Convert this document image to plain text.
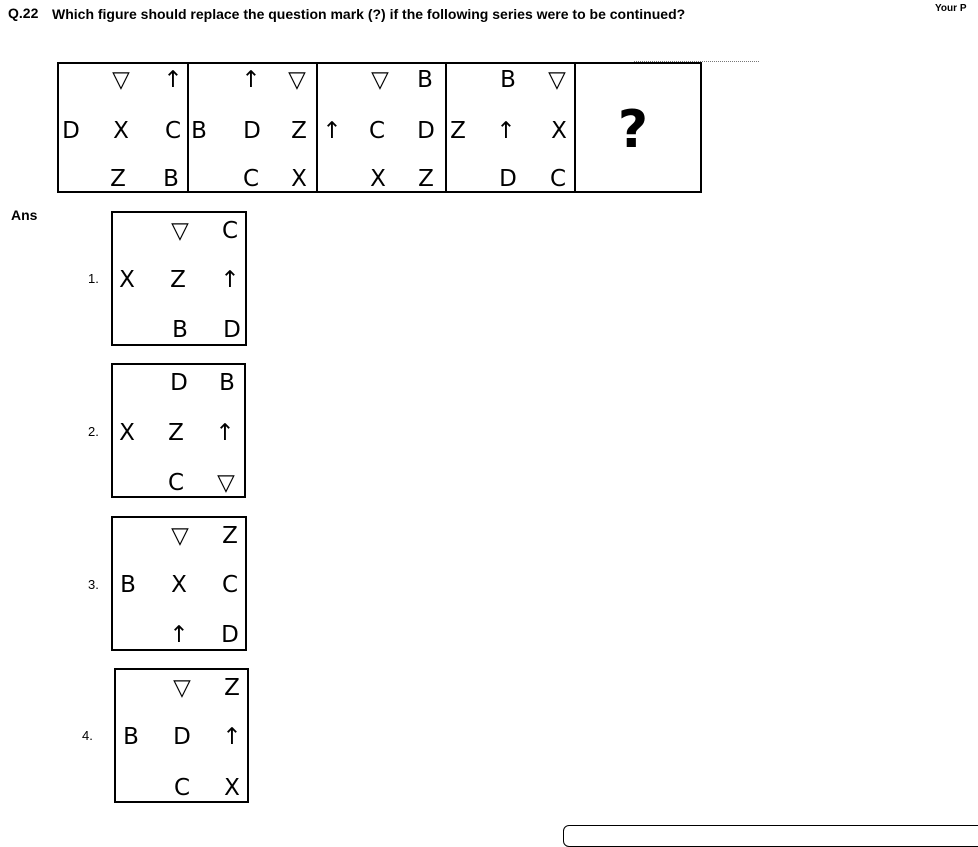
Q.22 Which figure should replace the question mark (?) if the following series were to be continued?	Your P
▽ ↑
D X C
Z B
↑ ▽
B D Z
C X
▽ B
↑ C D
X Z
B ▽
Z ↑ X
D C
?
Ans
1.
▽ C
X Z ↑
B D
2.
D B
X Z ↑
C ▽
3.
▽ Z
B X C
↑ D
4.
▽ Z
B D ↑
C X
